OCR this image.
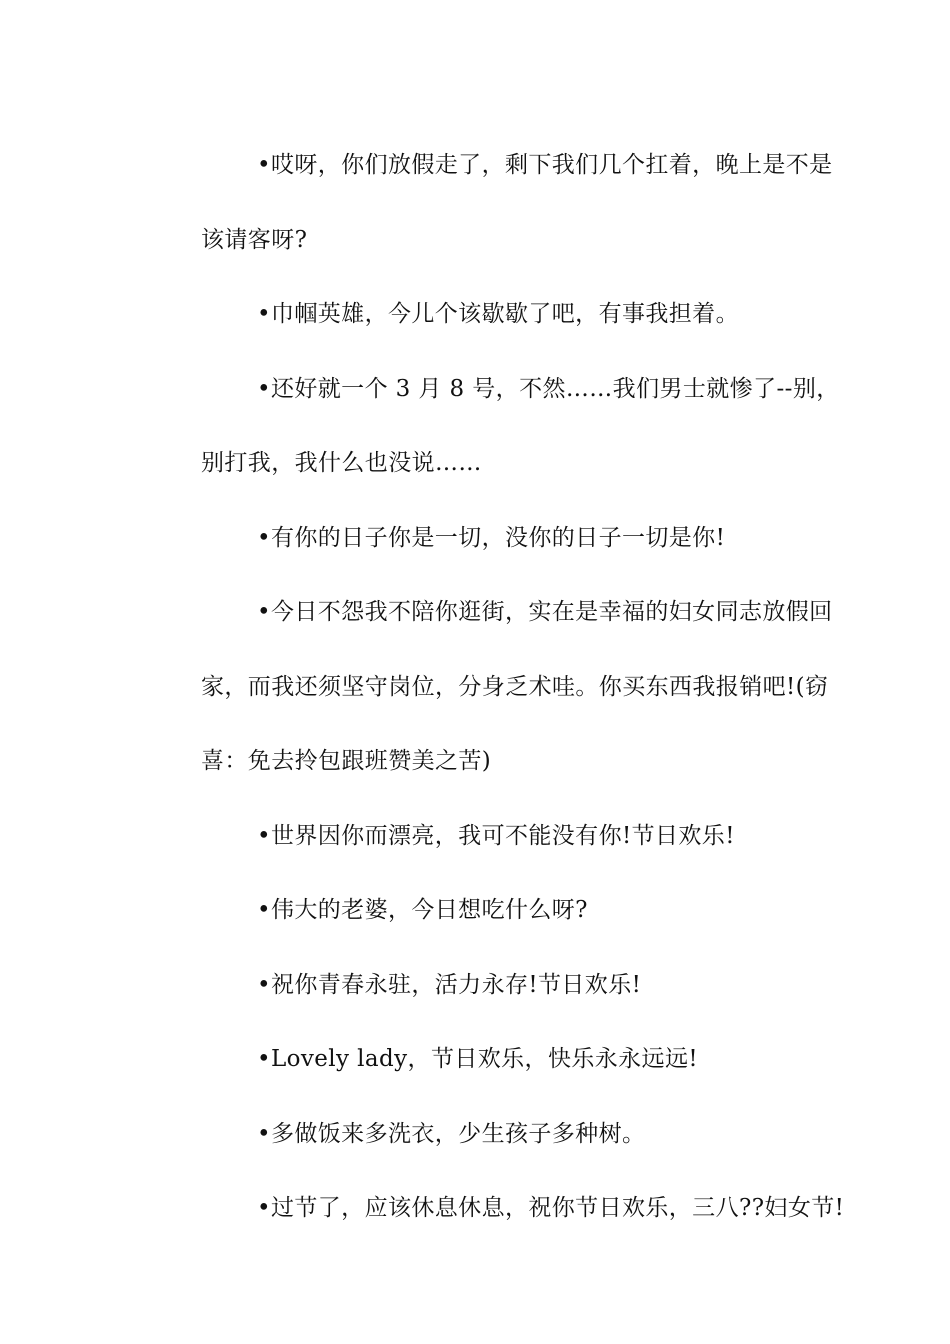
•哎呀，你们放假走了，剩下我们几个扛着，晚上是不是
该请客呀?

•巾帼英雄，今儿个该歇歇了吧，有事我担着。

•还好就一个 3 月 8 号，不然……我们男士就惨了--别，
别打我，我什么也没说……

•有你的日子你是一切，没你的日子一切是你!

•今日不怨我不陪你逛街，实在是幸福的妇女同志放假回
家，而我还须坚守岗位，分身乏术哇。你买东西我报销吧!(窃
喜：免去拎包跟班赞美之苦)

•世界因你而漂亮，我可不能没有你!节日欢乐!

•伟大的老婆，今日想吃什么呀?

•祝你青春永驻，活力永存!节日欢乐!

•Lovely lady，节日欢乐，快乐永永远远!

•多做饭来多洗衣，少生孩子多种树。

•过节了，应该休息休息，祝你节日欢乐，三八??妇女节!
